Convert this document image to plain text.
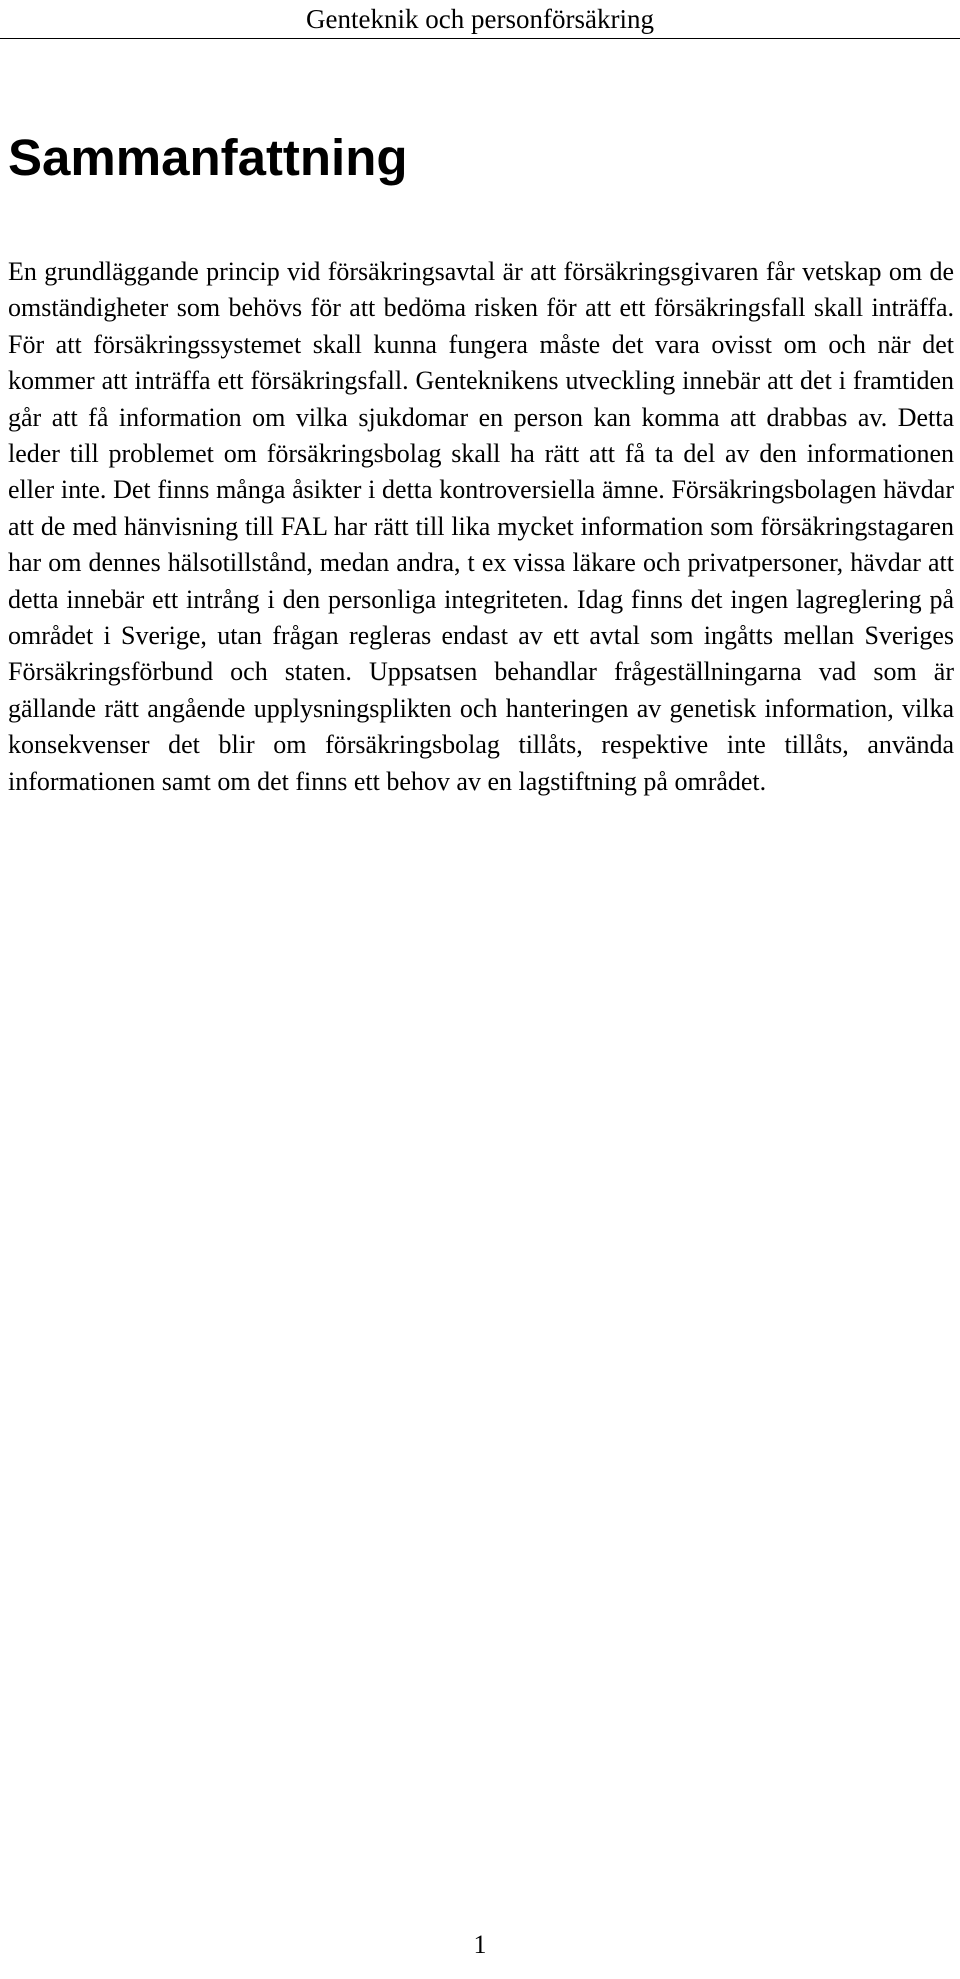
Genteknik och personförsäkring
Sammanfattning

En grundläggande princip vid försäkringsavtal är att försäkringsgivaren får vetskap om de omständigheter som behövs för att bedöma risken för att ett försäkringsfall skall inträffa. För att försäkringssystemet skall kunna fungera måste det vara ovisst om och när det kommer att inträffa ett försäkringsfall. Genteknikens utveckling innebär att det i framtiden går att få information om vilka sjukdomar en person kan komma att drabbas av. Detta leder till problemet om försäkringsbolag skall ha rätt att få ta del av den informationen eller inte. Det finns många åsikter i detta kontroversiella ämne. Försäkringsbolagen hävdar att de med hänvisning till FAL har rätt till lika mycket information som försäkringstagaren har om dennes hälsotillstånd, medan andra, t ex vissa läkare och privatpersoner, hävdar att detta innebär ett intrång i den personliga integriteten. Idag finns det ingen lagreglering på området i Sverige, utan frågan regleras endast av ett avtal som ingåtts mellan Sveriges Försäkringsförbund och staten. Uppsatsen behandlar frågeställningarna vad som är gällande rätt angående upplysningsplikten och hanteringen av genetisk information, vilka konsekvenser det blir om försäkringsbolag tillåts, respektive inte tillåts, använda informationen samt om det finns ett behov av en lagstiftning på området.

1
